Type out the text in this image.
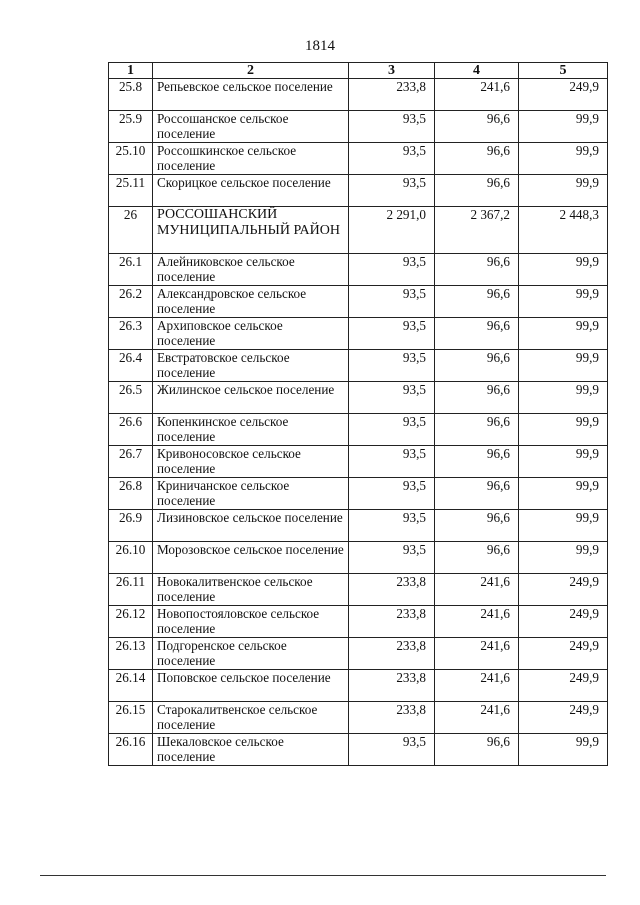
1814
1	2	3	4	5
25.8	Репьевское сельское поселение	233,8	241,6	249,9
25.9	Россошанское сельское поселение	93,5	96,6	99,9
25.10	Россошкинское сельское поселение	93,5	96,6	99,9
25.11	Скорицкое сельское поселение	93,5	96,6	99,9
26	РОССОШАНСКИЙ МУНИЦИПАЛЬНЫЙ РАЙОН	2 291,0	2 367,2	2 448,3
26.1	Алейниковское сельское поселение	93,5	96,6	99,9
26.2	Александровское сельское поселение	93,5	96,6	99,9
26.3	Архиповское сельское поселение	93,5	96,6	99,9
26.4	Евстратовское сельское поселение	93,5	96,6	99,9
26.5	Жилинское сельское поселение	93,5	96,6	99,9
26.6	Копенкинское сельское поселение	93,5	96,6	99,9
26.7	Кривоносовское сельское поселение	93,5	96,6	99,9
26.8	Криничанское сельское поселение	93,5	96,6	99,9
26.9	Лизиновское сельское поселение	93,5	96,6	99,9
26.10	Морозовское сельское поселение	93,5	96,6	99,9
26.11	Новокалитвенское сельское поселение	233,8	241,6	249,9
26.12	Новопостояловское сельское поселение	233,8	241,6	249,9
26.13	Подгоренское сельское поселение	233,8	241,6	249,9
26.14	Поповское сельское поселение	233,8	241,6	249,9
26.15	Старокалитвенское сельское поселение	233,8	241,6	249,9
26.16	Шекаловское сельское поселение	93,5	96,6	99,9
